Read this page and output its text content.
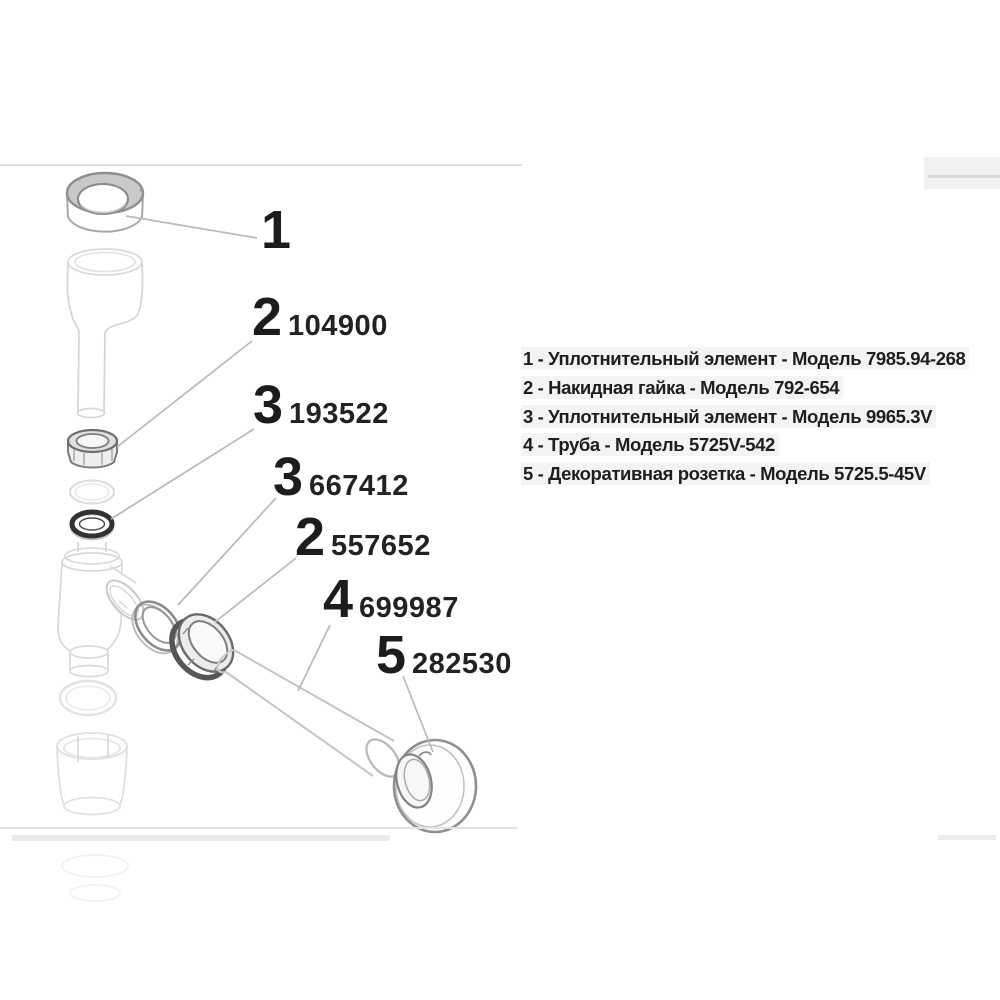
1
2 104900
3 193522
3 667412
2 557652
4 699987
5 282530
1 - Уплотнительный элемент - Модель 7985.94-268
2 - Накидная гайка - Модель 792-654
3 - Уплотнительный элемент - Модель 9965.3V
4 - Труба - Модель 5725V-542
5 - Декоративная розетка - Модель 5725.5-45V
